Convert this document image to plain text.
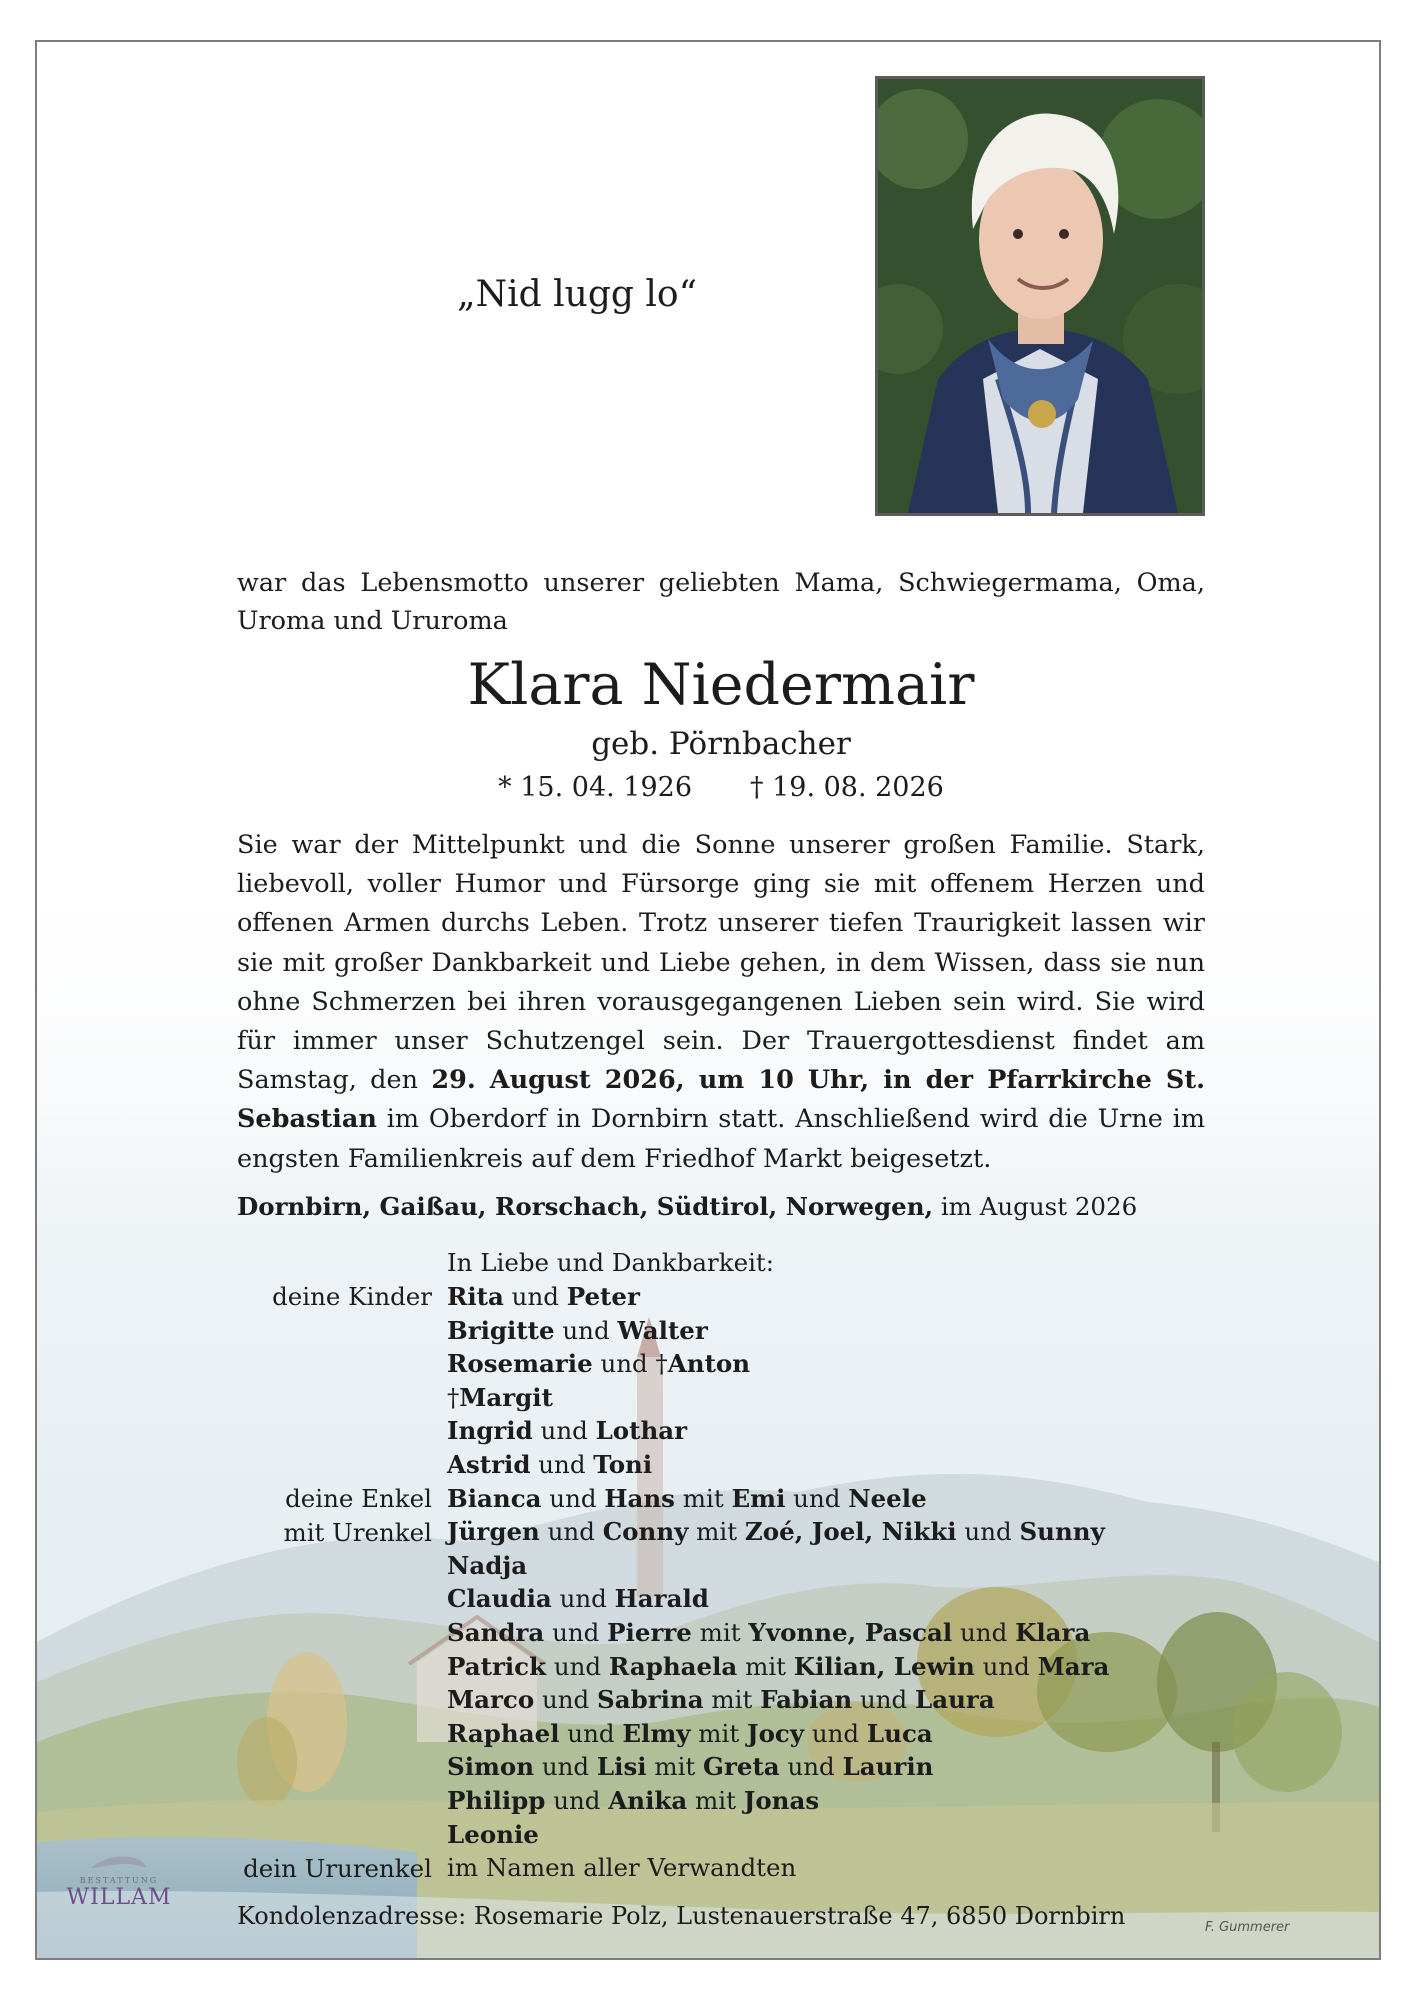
„Nid lugg lo“
war das Lebensmotto unserer geliebten Mama, Schwiegermama, Oma, Uroma und Ururoma
Klara Niedermair
geb. Pörnbacher
* 15. 04. 1926 † 19. 08. 2026
Sie war der Mittelpunkt und die Sonne unserer großen Familie. Stark, liebevoll, voller Humor und Fürsorge ging sie mit offenem Herzen und offenen Armen durchs Leben. Trotz unserer tiefen Traurigkeit lassen wir sie mit großer Dankbarkeit und Liebe gehen, in dem Wissen, dass sie nun ohne Schmerzen bei ihren vorausgegangenen Lieben sein wird. Sie wird für immer unser Schutzengel sein. Der Trauergottesdienst findet am Samstag, den 29. August 2026, um 10 Uhr, in der Pfarrkirche St. Sebastian im Oberdorf in Dornbirn statt. Anschließend wird die Urne im engsten Familienkreis auf dem Friedhof Markt beigesetzt.
Dornbirn, Gaißau, Rorschach, Südtirol, Norwegen, im August 2026
In Liebe und Dankbarkeit:
deine Kinder
deine Enkel
mit Urenkel
dein Ururenkel
Rita und Peter
Brigitte und Walter
Rosemarie und †Anton
†Margit
Ingrid und Lothar
Astrid und Toni
Bianca und Hans mit Emi und Neele
Jürgen und Conny mit Zoé, Joel, Nikki und Sunny
Nadja
Claudia und Harald
Sandra und Pierre mit Yvonne, Pascal und Klara
Patrick und Raphaela mit Kilian, Lewin und Mara
Marco und Sabrina mit Fabian und Laura
Raphael und Elmy mit Jocy und Luca
Simon und Lisi mit Greta und Laurin
Philipp und Anika mit Jonas
Leonie
im Namen aller Verwandten
BESTATTUNG
WILLAM
Kondolenzadresse: Rosemarie Polz, Lustenauerstraße 47, 6850 Dornbirn	F. Gummerer
